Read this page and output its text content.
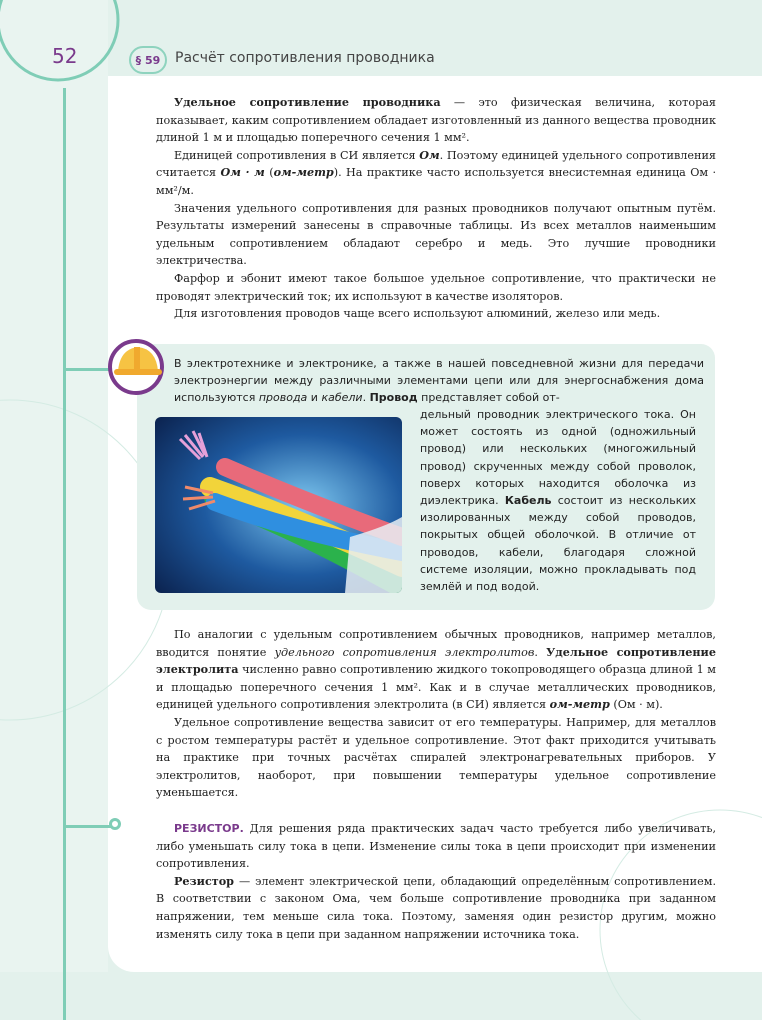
52	§ 59	Расчёт сопротивления проводника

Удельное сопротивление проводника — это физическая величина, которая показывает, каким сопротивлением обладает изготовленный из данного вещества проводник длиной 1 м и площадью поперечного сечения 1 мм².

Единицей сопротивления в СИ является Ом. Поэтому единицей удельного сопротивления считается Ом · м (ом-метр). На практике часто используется внесистемная единица Ом · мм²/м.

Значения удельного сопротивления для разных проводников получают опытным путём. Результаты измерений занесены в справочные таблицы. Из всех металлов наименьшим удельным сопротивлением обладают серебро и медь. Это лучшие проводники электричества.

Фарфор и эбонит имеют такое большое удельное сопротивление, что практически не проводят электрический ток; их используют в качестве изоляторов.

Для изготовления проводов чаще всего используют алюминий, железо или медь.

В электротехнике и электронике, а также в нашей повседневной жизни для передачи электроэнергии между различными элементами цепи или для энергоснабжения дома используются провода и кабели. Провод представляет собой от-
дельный проводник электрического тока. Он может состоять из одной (одножильный провод) или нескольких (многожильный провод) скрученных между собой проволок, поверх которых находится оболочка из диэлектрика. Кабель состоит из нескольких изолированных между собой проводов, покрытых общей оболочкой. В отличие от проводов, кабели, благодаря сложной системе изоляции, можно прокладывать под землёй и под водой.

По аналогии с удельным сопротивлением обычных проводников, например металлов, вводится понятие удельного сопротивления электролитов. Удельное сопротивление электролита численно равно сопротивлению жидкого токопроводящего образца длиной 1 м и площадью поперечного сечения 1 мм². Как и в случае металлических проводников, единицей удельного сопротивления электролита (в СИ) является ом-метр (Ом · м).

Удельное сопротивление вещества зависит от его температуры. Например, для металлов с ростом температуры растёт и удельное сопротивление. Этот факт приходится учитывать на практике при точных расчётах спиралей электронагревательных приборов. У электролитов, наоборот, при повышении температуры удельное сопротивление уменьшается.

РЕЗИСТОР. Для решения ряда практических задач часто требуется либо увеличивать, либо уменьшать силу тока в цепи. Изменение силы тока в цепи происходит при изменении сопротивления.

Резистор — элемент электрической цепи, обладающий определённым сопротивлением. В соответствии с законом Ома, чем больше сопротивление проводника при заданном напряжении, тем меньше сила тока. Поэтому, заменяя один резистор другим, можно изменять силу тока в цепи при заданном напряжении источника тока.
